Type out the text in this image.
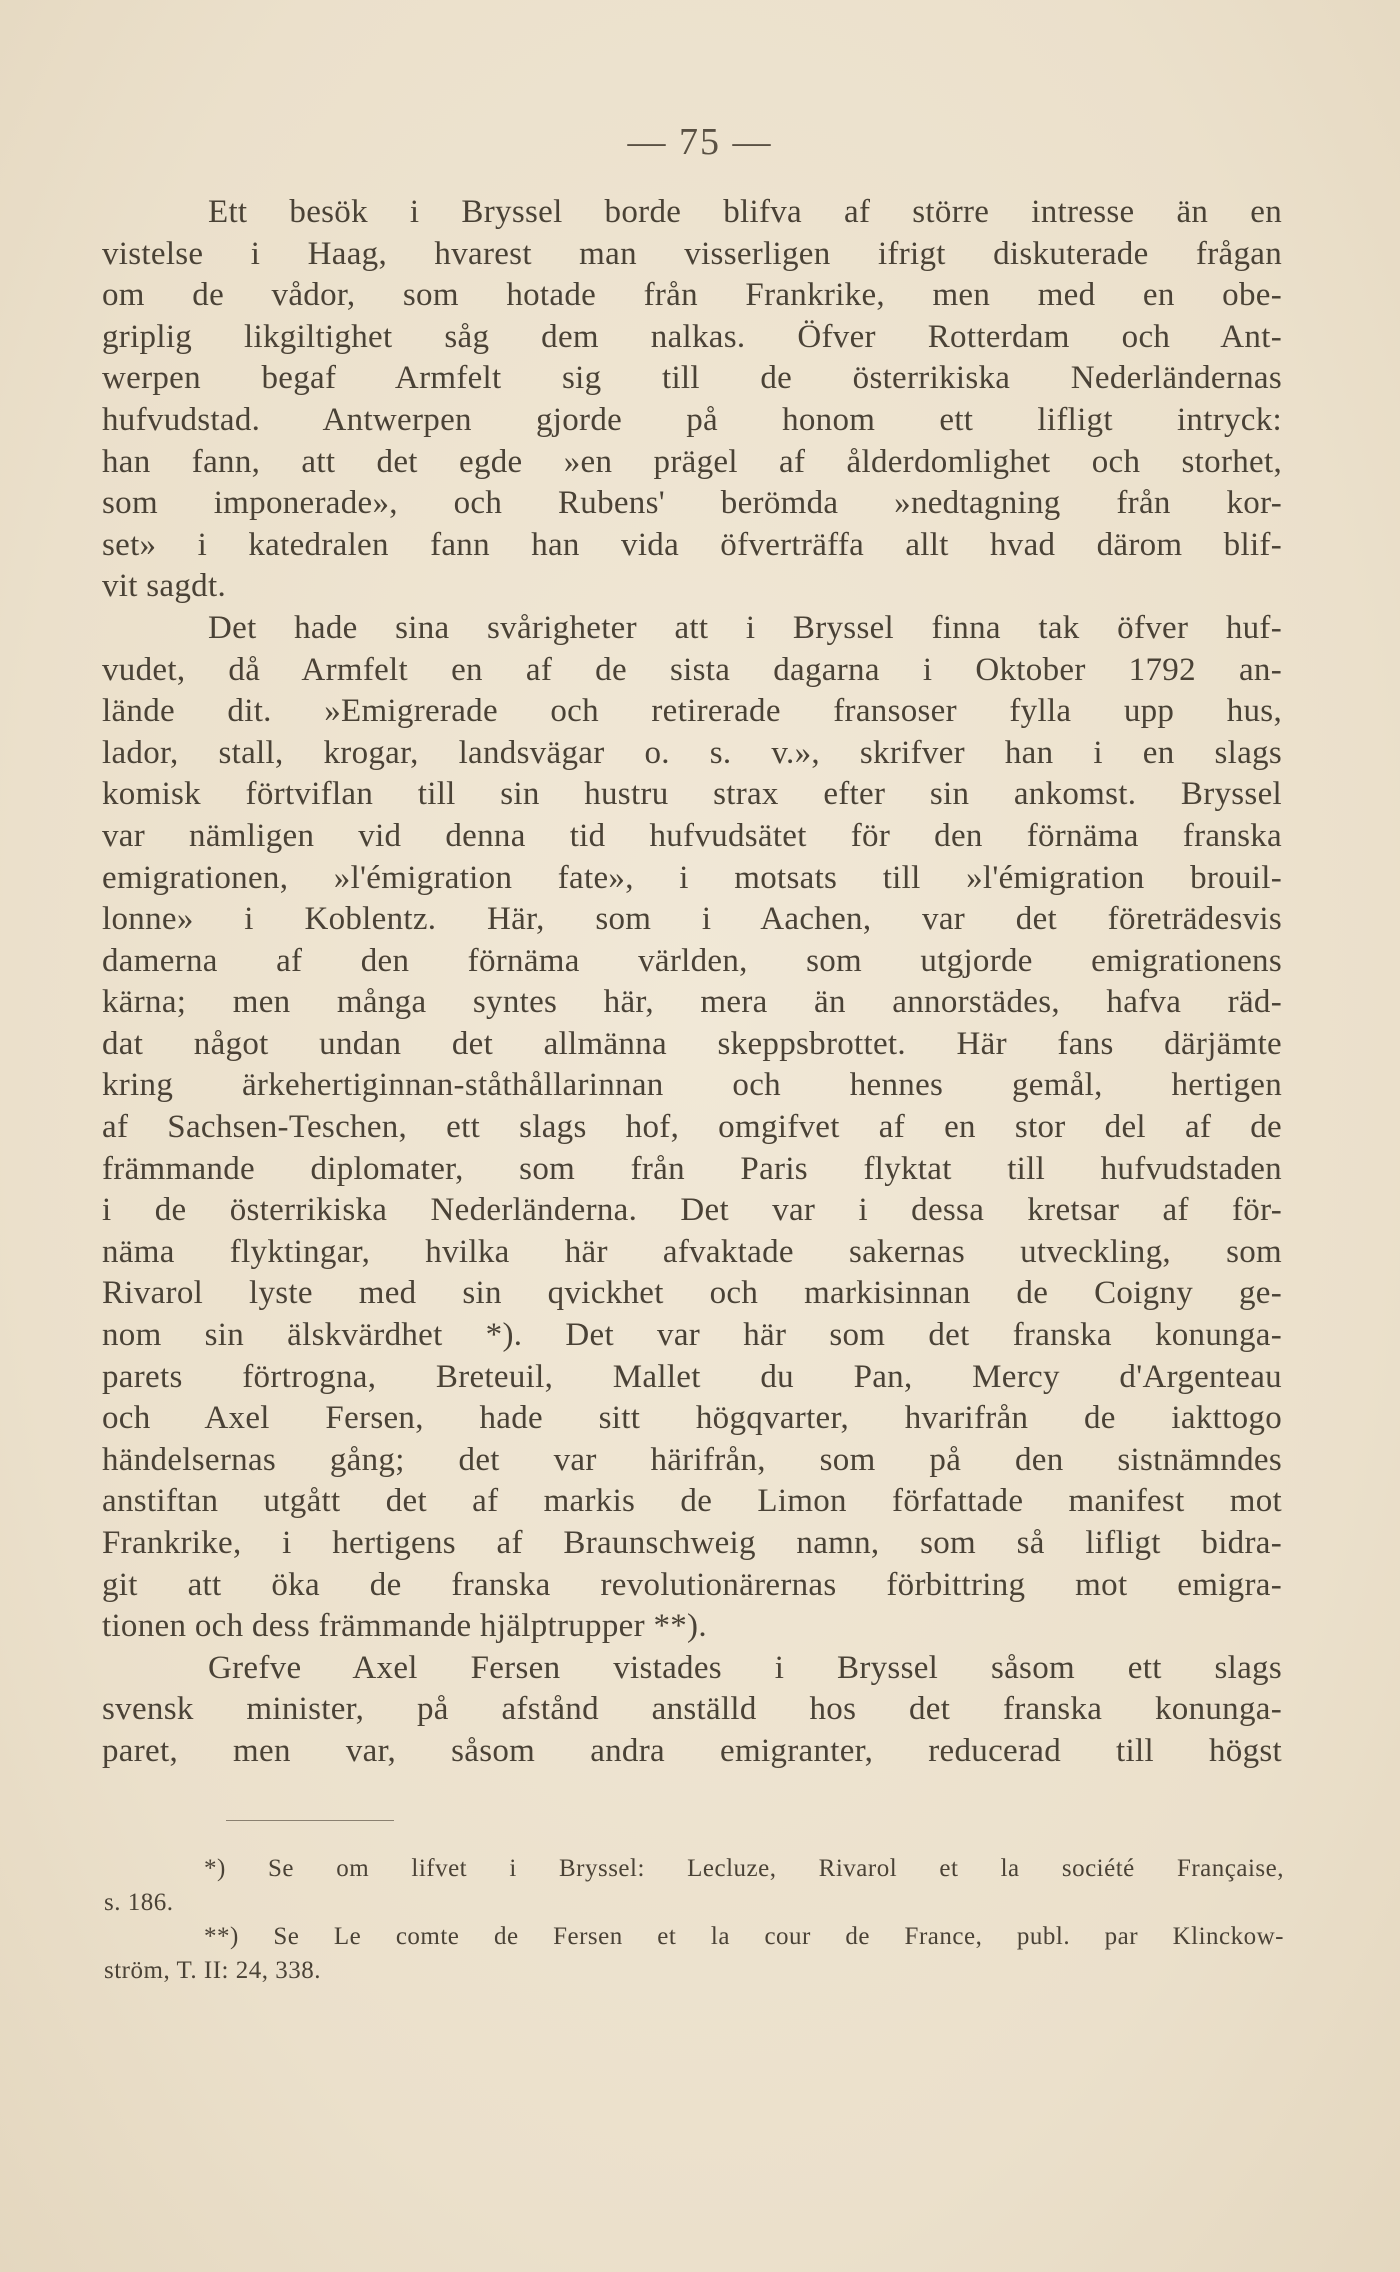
— 75 —
Ett besök i Bryssel borde blifva af större intresse än en
vistelse i Haag, hvarest man visserligen ifrigt diskuterade frågan
om de vådor, som hotade från Frankrike, men med en obe-
griplig likgiltighet såg dem nalkas. Öfver Rotterdam och Ant-
werpen begaf Armfelt sig till de österrikiska Nederländernas
hufvudstad. Antwerpen gjorde på honom ett lifligt intryck:
han fann, att det egde »en prägel af ålderdomlighet och storhet,
som imponerade», och Rubens' berömda »nedtagning från kor-
set» i katedralen fann han vida öfverträffa allt hvad därom blif-
vit sagdt.
Det hade sina svårigheter att i Bryssel finna tak öfver huf-
vudet, då Armfelt en af de sista dagarna i Oktober 1792 an-
lände dit. »Emigrerade och retirerade fransoser fylla upp hus,
lador, stall, krogar, landsvägar o. s. v.», skrifver han i en slags
komisk förtviflan till sin hustru strax efter sin ankomst. Bryssel
var nämligen vid denna tid hufvudsätet för den förnäma franska
emigrationen, »l'émigration fate», i motsats till »l'émigration brouil-
lonne» i Koblentz. Här, som i Aachen, var det företrädesvis
damerna af den förnäma världen, som utgjorde emigrationens
kärna; men många syntes här, mera än annorstädes, hafva räd-
dat något undan det allmänna skeppsbrottet. Här fans därjämte
kring ärkehertiginnan-ståthållarinnan och hennes gemål, hertigen
af Sachsen-Teschen, ett slags hof, omgifvet af en stor del af de
främmande diplomater, som från Paris flyktat till hufvudstaden
i de österrikiska Nederländerna. Det var i dessa kretsar af för-
näma flyktingar, hvilka här afvaktade sakernas utveckling, som
Rivarol lyste med sin qvickhet och markisinnan de Coigny ge-
nom sin älskvärdhet *). Det var här som det franska konunga-
parets förtrogna, Breteuil, Mallet du Pan, Mercy d'Argenteau
och Axel Fersen, hade sitt högqvarter, hvarifrån de iakttogo
händelsernas gång; det var härifrån, som på den sistnämndes
anstiftan utgått det af markis de Limon författade manifest mot
Frankrike, i hertigens af Braunschweig namn, som så lifligt bidra-
git att öka de franska revolutionärernas förbittring mot emigra-
tionen och dess främmande hjälptrupper **).
Grefve Axel Fersen vistades i Bryssel såsom ett slags
svensk minister, på afstånd anställd hos det franska konunga-
paret, men var, såsom andra emigranter, reducerad till högst
*) Se om lifvet i Bryssel: Lecluze, Rivarol et la société Française,
s. 186.
**) Se Le comte de Fersen et la cour de France, publ. par Klinckow-
ström, T. II: 24, 338.
